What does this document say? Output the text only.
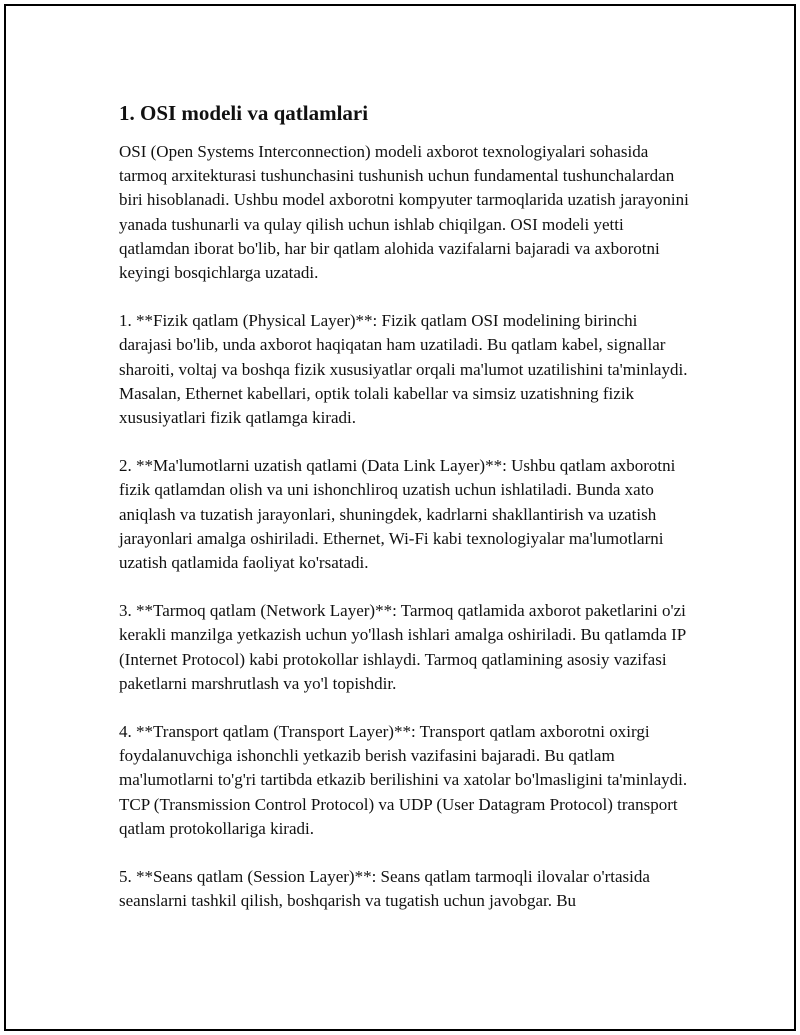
1. OSI modeli va qatlamlari

OSI (Open Systems Interconnection) modeli axborot texnologiyalari sohasida tarmoq arxitekturasi tushunchasini tushunish uchun fundamental tushunchalardan biri hisoblanadi. Ushbu model axborotni kompyuter tarmoqlarida uzatish jarayonini yanada tushunarli va qulay qilish uchun ishlab chiqilgan. OSI modeli yetti qatlamdan iborat bo'lib, har bir qatlam alohida vazifalarni bajaradi va axborotni keyingi bosqichlarga uzatadi.

1. **Fizik qatlam (Physical Layer)**: Fizik qatlam OSI modelining birinchi darajasi bo'lib, unda axborot haqiqatan ham uzatiladi. Bu qatlam kabel, signallar sharoiti, voltaj va boshqa fizik xususiyatlar orqali ma'lumot uzatilishini ta'minlaydi. Masalan, Ethernet kabellari, optik tolali kabellar va simsiz uzatishning fizik xususiyatlari fizik qatlamga kiradi.

2. **Ma'lumotlarni uzatish qatlami (Data Link Layer)**: Ushbu qatlam axborotni fizik qatlamdan olish va uni ishonchliroq uzatish uchun ishlatiladi. Bunda xato aniqlash va tuzatish jarayonlari, shuningdek, kadrlarni shakllantirish va uzatish jarayonlari amalga oshiriladi. Ethernet, Wi-Fi kabi texnologiyalar ma'lumotlarni uzatish qatlamida faoliyat ko'rsatadi.

3. **Tarmoq qatlam (Network Layer)**: Tarmoq qatlamida axborot paketlarini o'zi kerakli manzilga yetkazish uchun yo'llash ishlari amalga oshiriladi. Bu qatlamda IP (Internet Protocol) kabi protokollar ishlaydi. Tarmoq qatlamining asosiy vazifasi paketlarni marshrutlash va yo'l topishdir.

4. **Transport qatlam (Transport Layer)**: Transport qatlam axborotni oxirgi foydalanuvchiga ishonchli yetkazib berish vazifasini bajaradi. Bu qatlam ma'lumotlarni to'g'ri tartibda etkazib berilishini va xatolar bo'lmasligini ta'minlaydi. TCP (Transmission Control Protocol) va UDP (User Datagram Protocol) transport qatlam protokollariga kiradi.

5. **Seans qatlam (Session Layer)**: Seans qatlam tarmoqli ilovalar o'rtasida seanslarni tashkil qilish, boshqarish va tugatish uchun javobgar. Bu
